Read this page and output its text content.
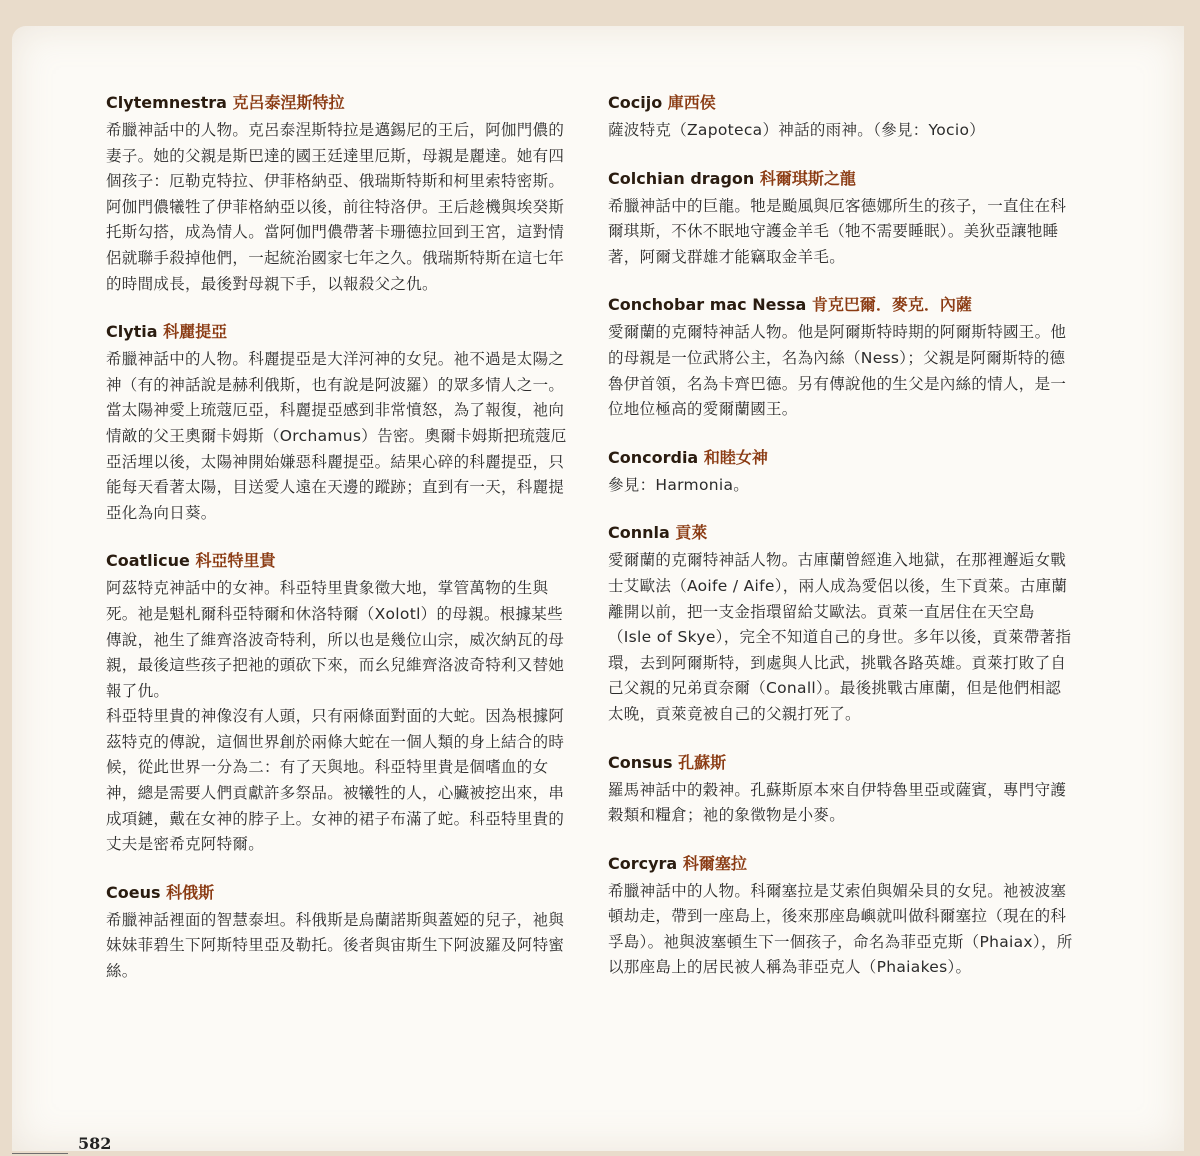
Clytemnestra 克呂泰涅斯特拉

希臘神話中的人物。克呂泰涅斯特拉是邁錫尼的王后，阿伽門儂的妻子。她的父親是斯巴達的國王廷達里厄斯，母親是麗達。她有四個孩子：厄勒克特拉、伊菲格納亞、俄瑞斯特斯和柯里索特密斯。阿伽門儂犧牲了伊菲格納亞以後，前往特洛伊。王后趁機與埃癸斯托斯勾搭，成為情人。當阿伽門儂帶著卡珊德拉回到王宮，這對情侶就聯手殺掉他們，一起統治國家七年之久。俄瑞斯特斯在這七年的時間成長，最後對母親下手，以報殺父之仇。

Clytia 科麗提亞

希臘神話中的人物。科麗提亞是大洋河神的女兒。祂不過是太陽之神（有的神話說是赫利俄斯，也有說是阿波羅）的眾多情人之一。當太陽神愛上琉蔻厄亞，科麗提亞感到非常憤怒，為了報復，祂向情敵的父王奧爾卡姆斯（Orchamus）告密。奧爾卡姆斯把琉蔻厄亞活埋以後，太陽神開始嫌惡科麗提亞。結果心碎的科麗提亞，只能每天看著太陽，目送愛人遠在天邊的蹤跡；直到有一天，科麗提亞化為向日葵。

Coatlicue 科亞特里貴

阿茲特克神話中的女神。科亞特里貴象徵大地，掌管萬物的生與死。祂是魁札爾科亞特爾和休洛特爾（Xolotl）的母親。根據某些傳說，祂生了維齊洛波奇特利，所以也是幾位山宗，威次納瓦的母親，最後這些孩子把祂的頭砍下來，而幺兒維齊洛波奇特利又替她報了仇。

科亞特里貴的神像沒有人頭，只有兩條面對面的大蛇。因為根據阿茲特克的傳說，這個世界創於兩條大蛇在一個人類的身上結合的時候，從此世界一分為二：有了天與地。科亞特里貴是個嗜血的女神，總是需要人們貢獻許多祭品。被犧牲的人，心臟被挖出來，串成項鏈，戴在女神的脖子上。女神的裙子布滿了蛇。科亞特里貴的丈夫是密希克阿特爾。

Coeus 科俄斯

希臘神話裡面的智慧泰坦。科俄斯是烏蘭諾斯與蓋婭的兒子，祂與妹妹菲碧生下阿斯特里亞及勒托。後者與宙斯生下阿波羅及阿特蜜絲。

Cocijo 庫西侯

薩波特克（Zapoteca）神話的雨神。（參見：Yocio）

Colchian dragon 科爾琪斯之龍

希臘神話中的巨龍。牠是颱風與厄客德娜所生的孩子，一直住在科爾琪斯，不休不眠地守護金羊毛（牠不需要睡眠）。美狄亞讓牠睡著，阿爾戈群雄才能竊取金羊毛。

Conchobar mac Nessa 肯克巴爾．麥克．內薩

愛爾蘭的克爾特神話人物。他是阿爾斯特時期的阿爾斯特國王。他的母親是一位武將公主，名為內絲（Ness）；父親是阿爾斯特的德魯伊首領，名為卡齊巴德。另有傳說他的生父是內絲的情人，是一位地位極高的愛爾蘭國王。

Concordia 和睦女神

參見：Harmonia。

Connla 貢萊

愛爾蘭的克爾特神話人物。古庫蘭曾經進入地獄，在那裡邂逅女戰士艾歐法（Aoife / Aife），兩人成為愛侶以後，生下貢萊。古庫蘭離開以前，把一支金指環留給艾歐法。貢萊一直居住在天空島（Isle of Skye），完全不知道自己的身世。多年以後，貢萊帶著指環，去到阿爾斯特，到處與人比武，挑戰各路英雄。貢萊打敗了自己父親的兄弟貢奈爾（Conall）。最後挑戰古庫蘭，但是他們相認太晚，貢萊竟被自己的父親打死了。

Consus 孔蘇斯

羅馬神話中的穀神。孔蘇斯原本來自伊特魯里亞或薩賓，專門守護穀類和糧倉；祂的象徵物是小麥。

Corcyra 科爾塞拉

希臘神話中的人物。科爾塞拉是艾索伯與媚朵貝的女兒。祂被波塞頓劫走，帶到一座島上，後來那座島嶼就叫做科爾塞拉（現在的科孚島）。祂與波塞頓生下一個孩子，命名為菲亞克斯（Phaiax），所以那座島上的居民被人稱為菲亞克人（Phaiakes）。

582
